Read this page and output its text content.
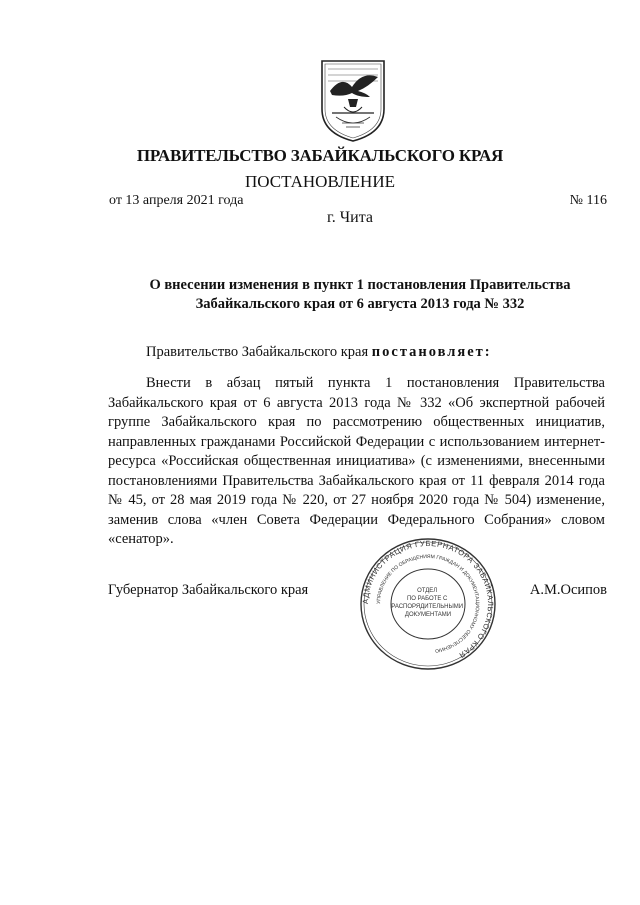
ПРАВИТЕЛЬСТВО ЗАБАЙКАЛЬСКОГО КРАЯ
ПОСТАНОВЛЕНИЕ
от 13 апреля 2021 года	№ 116
г. Чита
О внесении изменения в пункт 1 постановления Правительства Забайкальского края от 6 августа 2013 года № 332
Правительство Забайкальского края постановляет:

Внести в абзац пятый пункта 1 постановления Правительства Забайкальского края от 6 августа 2013 года № 332 «Об экспертной рабочей группе Забайкальского края по рассмотрению общественных инициатив, направленных гражданами Российской Федерации с использованием интернет-ресурса «Российская общественная инициатива» (с изменениями, внесенными постановлениями Правительства Забайкальского края от 11 февраля 2014 года № 45, от 28 мая 2019 года № 220, от 27 ноября 2020 года № 504) изменение, заменив слова «член Совета Федерации Федерального Собрания» словом «сенатор».

Губернатор Забайкальского края	А.М.Осипов
АДМИНИСТРАЦИЯ ГУБЕРНАТОРА ЗАБАЙКАЛЬСКОГО КРАЯ
УПРАВЛЕНИЕ ПО ОБРАЩЕНИЯМ ГРАЖДАН И ДОКУМЕНТАЦИОННОМУ ОБЕСПЕЧЕНИЮ
ОТДЕЛ ПО РАБОТЕ С РАСПОРЯДИТЕЛЬНЫМИ ДОКУМЕНТАМИ
